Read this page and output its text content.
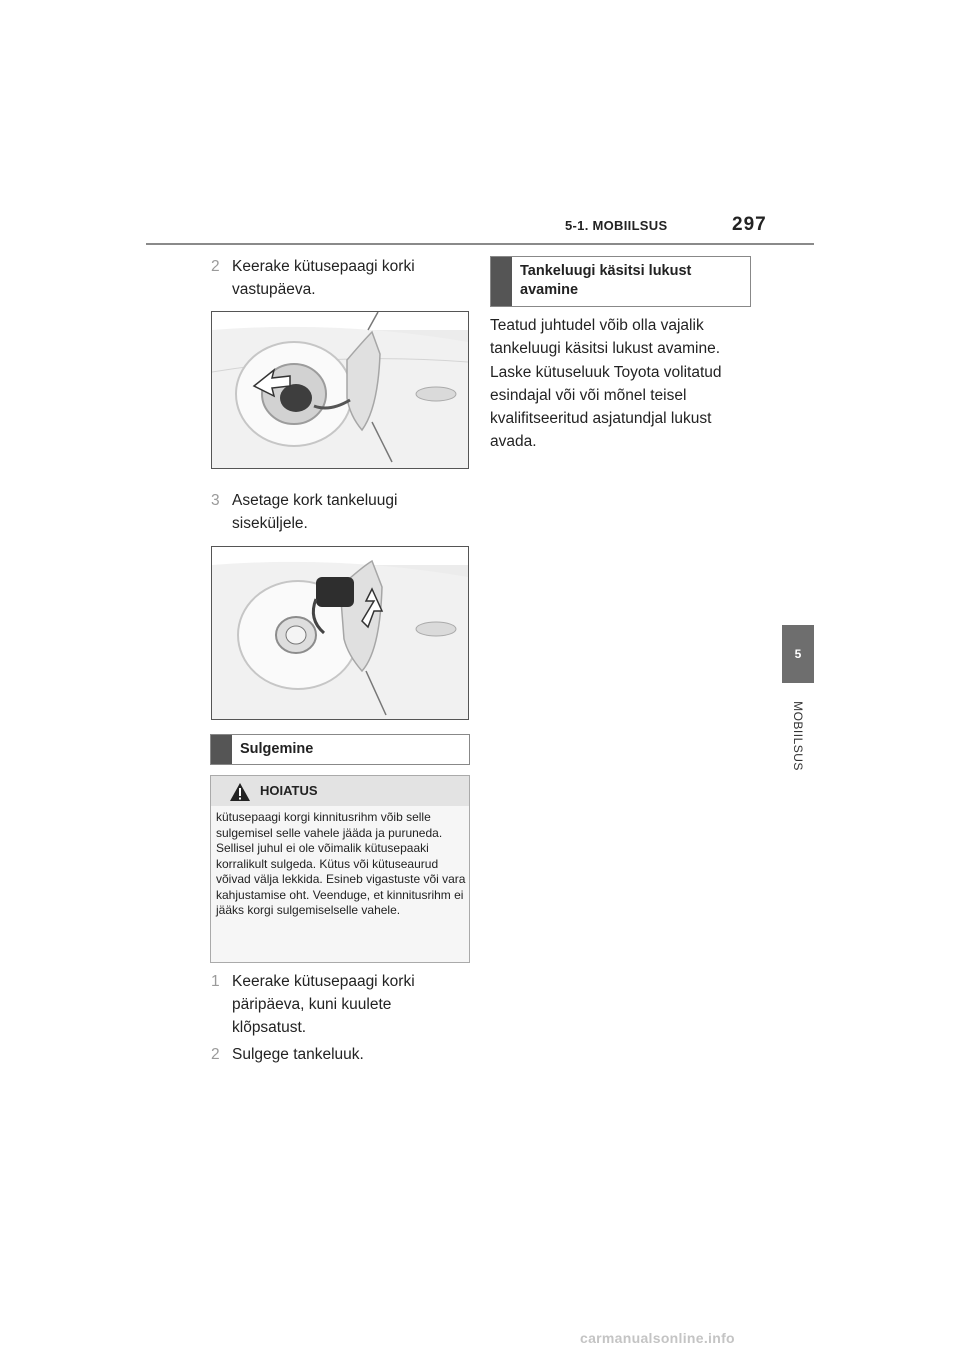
5-1. MOBIILSUS	297
5
MOBIILSUS
2 Keerake kütusepaagi korki vastupäeva.
3 Asetage kork tankeluugi siseküljele.
Sulgemine
HOIATUS
kütusepaagi korgi kinnitusrihm võib selle sulgemisel selle vahele jääda ja puruneda. Sellisel juhul ei ole võimalik kütusepaaki korralikult sulgeda. Kütus või kütuseaurud võivad välja lekkida. Esineb vigastuste või vara kahjustamise oht. Veenduge, et kinnitusrihm ei jääks korgi sulgemiselselle vahele.
1 Keerake kütusepaagi korki päripäeva, kuni kuulete klõpsatust.
2 Sulgege tankeluuk.
Tankeluugi käsitsi lukust avamine
Teatud juhtudel võib olla vajalik tankeluugi käsitsi lukust avamine.
Laske kütuseluuk Toyota volitatud esindajal või või mõnel teisel kvalifitseeritud asjatundjal lukust avada.
carmanualsonline.info
